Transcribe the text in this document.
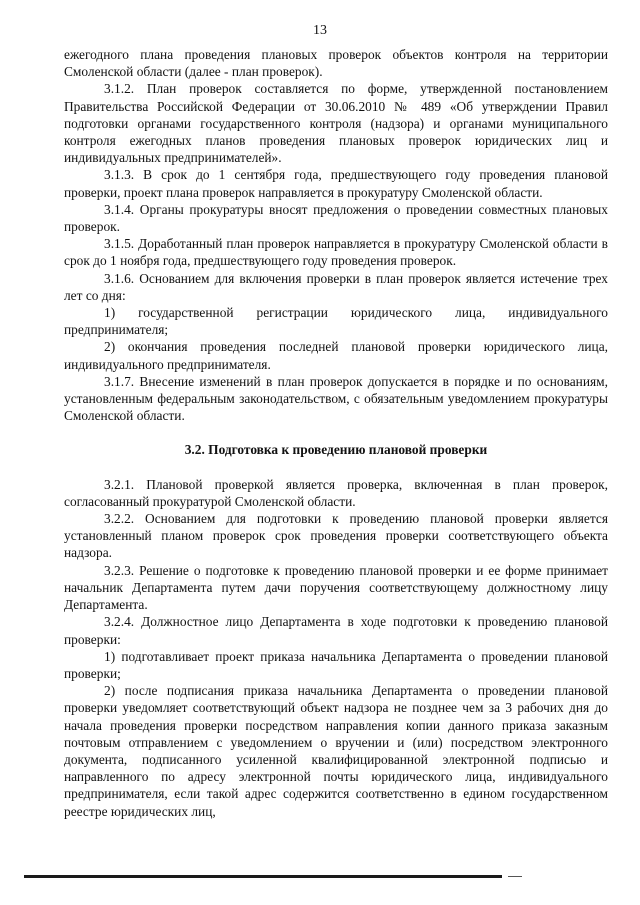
13
ежегодного плана проведения плановых проверок объектов контроля на территории Смоленской области (далее - план проверок).
3.1.2. План проверок составляется по форме, утвержденной постановлением Правительства Российской Федерации от 30.06.2010 № 489 «Об утверждении Правил подготовки органами государственного контроля (надзора) и органами муниципального контроля ежегодных планов проведения плановых проверок юридических лиц и индивидуальных предпринимателей».
3.1.3. В срок до 1 сентября года, предшествующего году проведения плановой проверки, проект плана проверок направляется в прокуратуру Смоленской области.
3.1.4. Органы прокуратуры вносят предложения о проведении совместных плановых проверок.
3.1.5. Доработанный план проверок направляется в прокуратуру Смоленской области в срок до 1 ноября года, предшествующего году проведения проверок.
3.1.6. Основанием для включения проверки в план проверок является истечение трех лет со дня:
1) государственной регистрации юридического лица, индивидуального предпринимателя;
2) окончания проведения последней плановой проверки юридического лица, индивидуального предпринимателя.
3.1.7. Внесение изменений в план проверок допускается в порядке и по основаниям, установленным федеральным законодательством, с обязательным уведомлением прокуратуры Смоленской области.
3.2. Подготовка к проведению плановой проверки
3.2.1. Плановой проверкой является проверка, включенная в план проверок, согласованный прокуратурой Смоленской области.
3.2.2. Основанием для подготовки к проведению плановой проверки является установленный планом проверок срок проведения проверки соответствующего объекта надзора.
3.2.3. Решение о подготовке к проведению плановой проверки и ее форме принимает начальник Департамента путем дачи поручения соответствующему должностному лицу Департамента.
3.2.4. Должностное лицо Департамента в ходе подготовки к проведению плановой проверки:
1) подготавливает проект приказа начальника Департамента о проведении плановой проверки;
2) после подписания приказа начальника Департамента о проведении плановой проверки уведомляет соответствующий объект надзора не позднее чем за 3 рабочих дня до начала проведения проверки посредством направления копии данного приказа заказным почтовым отправлением с уведомлением о вручении и (или) посредством электронного документа, подписанного усиленной квалифицированной электронной подписью и направленного по адресу электронной почты юридического лица, индивидуального предпринимателя, если такой адрес содержится соответственно в едином государственном реестре юридических лиц,
